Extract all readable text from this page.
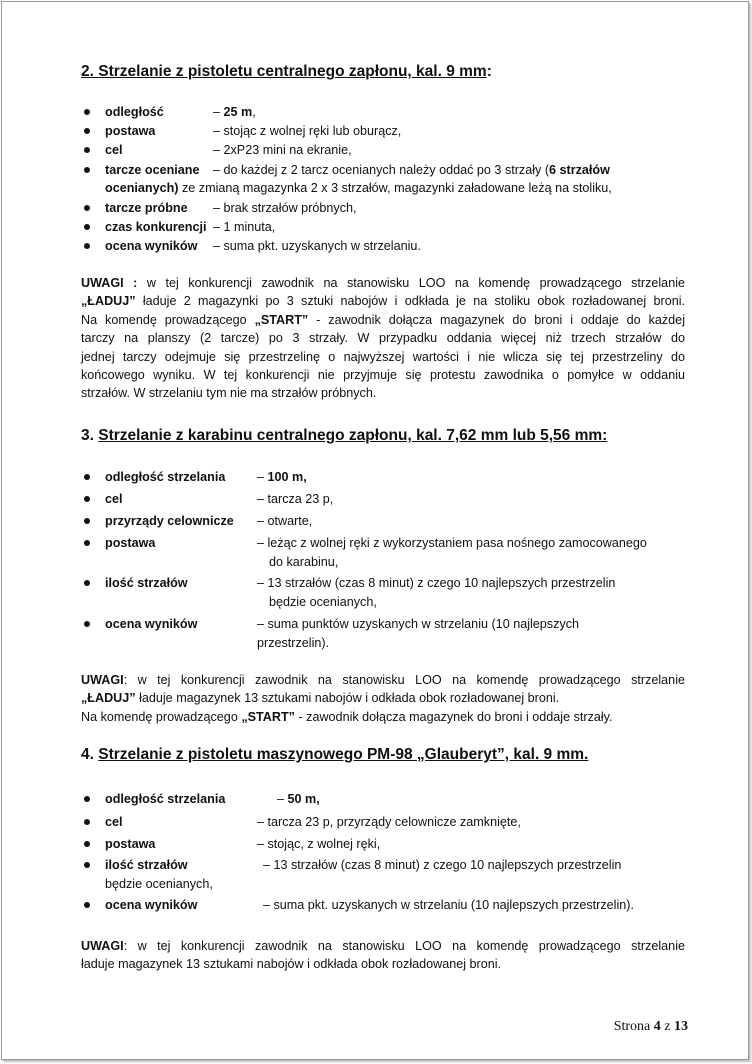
2. Strzelanie z pistoletu centralnego zapłonu, kal. 9 mm:
odległość	– 25 m,
postawa	– stojąc z wolnej ręki lub oburącz,
cel	– 2xP23 mini na ekranie,
tarcze oceniane – do każdej z 2 tarcz ocenianych należy oddać po 3 strzały (6 strzałów
ocenianych) ze zmianą magazynka 2 x 3 strzałów, magazynki załadowane leżą na stoliku,
tarcze próbne – brak strzałów próbnych,
czas konkurencji – 1 minuta,
ocena wyników – suma pkt. uzyskanych w strzelaniu.
UWAGI : w tej konkurencji zawodnik na stanowisku LOO na komendę prowadzącego strzelanie
„ŁADUJ” ładuje 2 magazynki po 3 sztuki nabojów i odkłada je na stoliku obok rozładowanej broni.
Na komendę prowadzącego „START” - zawodnik dołącza magazynek do broni i oddaje do każdej
tarczy na planszy (2 tarcze) po 3 strzały. W przypadku oddania więcej niż trzech strzałów do
jednej tarczy odejmuje się przestrzelinę o najwyższej wartości i nie wlicza się tej przestrzeliny do
końcowego wyniku. W tej konkurencji nie przyjmuje się protestu zawodnika o pomyłce w oddaniu
strzałów. W strzelaniu tym nie ma strzałów próbnych.
3. Strzelanie z karabinu centralnego zapłonu, kal. 7,62 mm lub 5,56 mm:
odległość strzelania	– 100 m,
cel	– tarcza 23 p,
przyrządy celownicze – otwarte,
postawa	– leżąc z wolnej ręki z wykorzystaniem pasa nośnego zamocowanego
do karabinu,
ilość strzałów	– 13 strzałów (czas 8 minut) z czego 10 najlepszych przestrzelin
będzie ocenianych,
ocena wyników	– suma punktów uzyskanych w strzelaniu (10 najlepszych
przestrzelin).
UWAGI: w tej konkurencji zawodnik na stanowisku LOO na komendę prowadzącego strzelanie
„ŁADUJ” ładuje magazynek 13 sztukami nabojów i odkłada obok rozładowanej broni.
Na komendę prowadzącego „START” - zawodnik dołącza magazynek do broni i oddaje strzały.
4. Strzelanie z pistoletu maszynowego PM-98 „Glauberyt”, kal. 9 mm.
odległość strzelania	– 50 m,
cel	– tarcza 23 p, przyrządy celownicze zamknięte,
postawa	– stojąc, z wolnej ręki,
ilość strzałów	– 13 strzałów (czas 8 minut) z czego 10 najlepszych przestrzelin
będzie ocenianych,
ocena wyników	– suma pkt. uzyskanych w strzelaniu (10 najlepszych przestrzelin).
UWAGI: w tej konkurencji zawodnik na stanowisku LOO na komendę prowadzącego strzelanie
ładuje magazynek 13 sztukami nabojów i odkłada obok rozładowanej broni.
Strona 4 z 13
